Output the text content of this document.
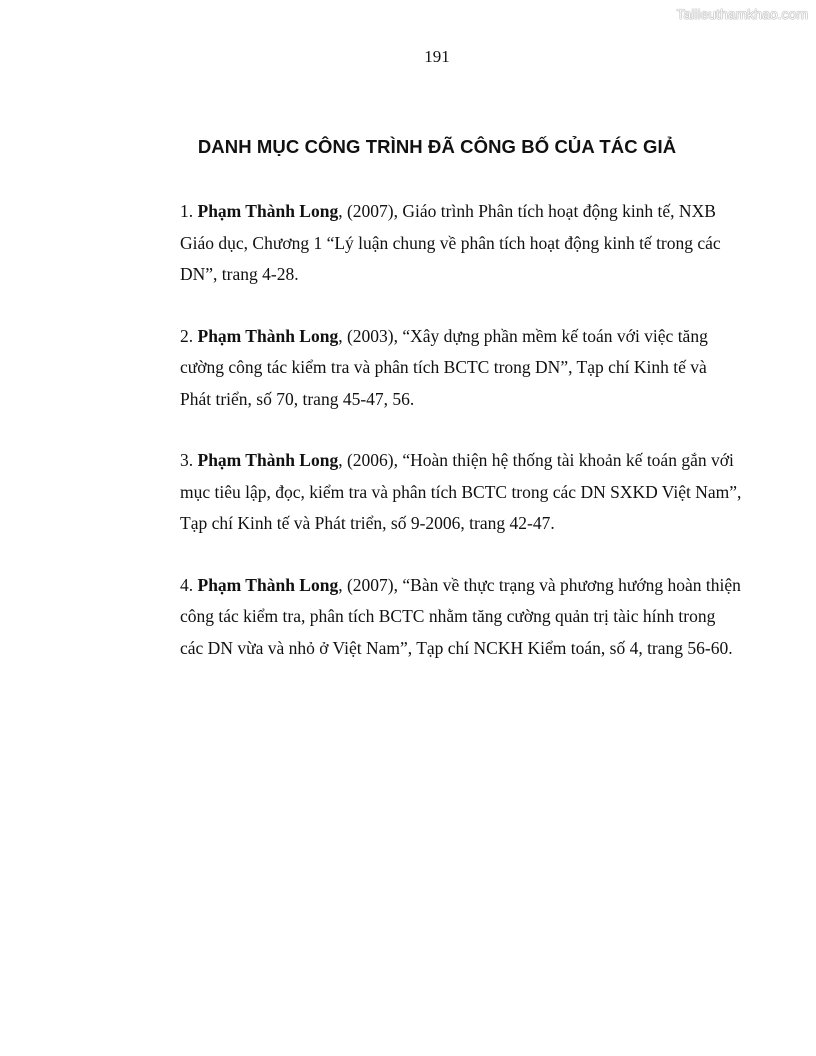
Tailieuthamkhao.com
191
DANH MỤC CÔNG TRÌNH ĐÃ CÔNG BỐ CỦA TÁC GIẢ

1. Phạm Thành Long, (2007), Giáo trình Phân tích hoạt động kinh tế, NXB Giáo dục, Chương 1 “Lý luận chung về phân tích hoạt động kinh tế trong các DN”, trang 4-28.

2. Phạm Thành Long, (2003), “Xây dựng phần mềm kế toán với việc tăng cường công tác kiểm tra và phân tích BCTC trong DN”, Tạp chí Kinh tế và Phát triển, số 70, trang 45-47, 56.

3. Phạm Thành Long, (2006), “Hoàn thiện hệ thống tài khoản kế toán gắn với mục tiêu lập, đọc, kiểm tra và phân tích BCTC trong các DN SXKD Việt Nam”, Tạp chí Kinh tế và Phát triển, số 9-2006, trang 42-47.

4. Phạm Thành Long, (2007), “Bàn về thực trạng và phương hướng hoàn thiện công tác kiểm tra, phân tích BCTC nhằm tăng cường quản trị tàic hính trong các DN vừa và nhỏ ở Việt Nam”, Tạp chí NCKH Kiểm toán, số 4, trang 56-60.
